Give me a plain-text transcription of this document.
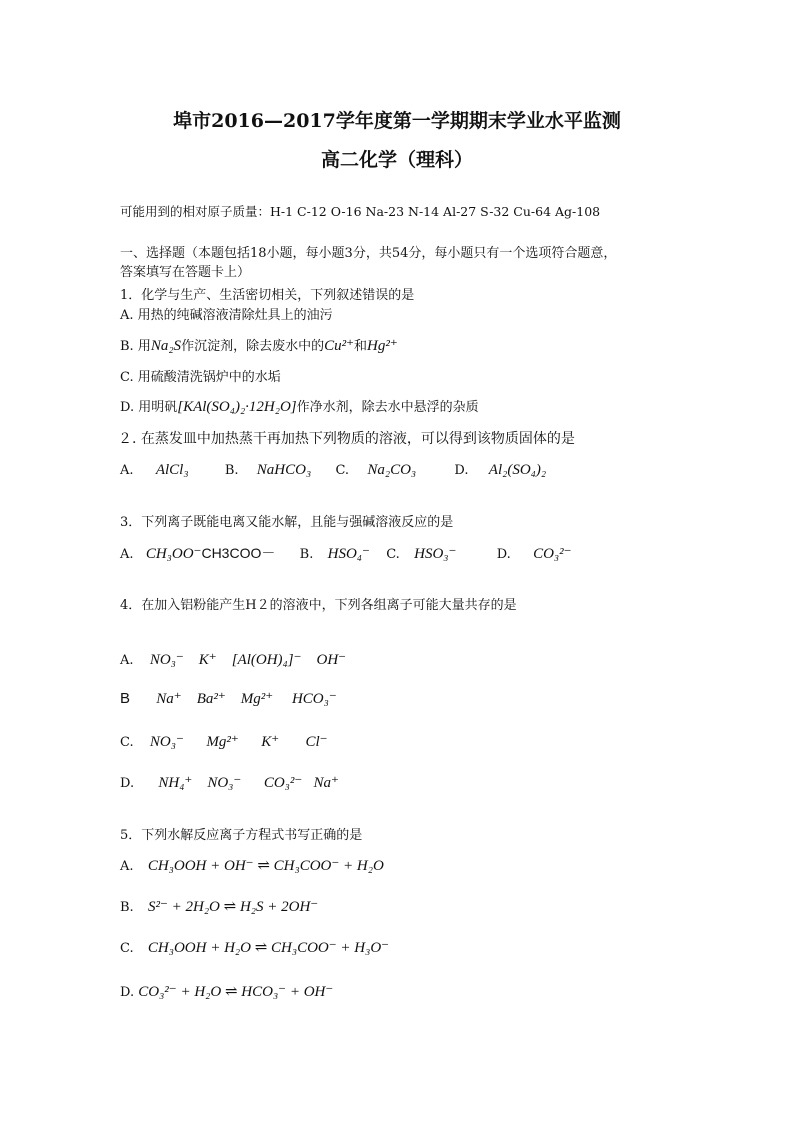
埠市2016—2017学年度第一学期期末学业水平监测
高二化学（理科）
可能用到的相对原子质量：H-1 C-12 O-16 Na-23 N-14 Al-27 S-32 Cu-64 Ag-108
一、选择题（本题包括18小题，每小题3分，共54分，每小题只有一个选项符合题意，
答案填写在答题卡上）
1．化学与生产、生活密切相关，下列叙述错误的是
A. 用热的纯碱溶液清除灶具上的油污
B. 用Na₂S作沉淀剂，除去废水中的Cu²⁺和Hg²⁺
C. 用硫酸清洗锅炉中的水垢
D. 用明矾[KAl(SO₄)₂·12H₂O]作净水剂，除去水中悬浮的杂质
２. 在蒸发皿中加热蒸干再加热下列物质的溶液，可以得到该物质固体的是
A. AlCl₃	B. NaHCO₃ C. Na₂CO₃	D. Al₂(SO₄)₂
3．下列离子既能电离又能水解，且能与强碱溶液反应的是
A. CH₃OO⁻CH3COO－ B. HSO₄⁻ C. HSO₃⁻	D. CO₃²⁻
4．在加入铝粉能产生H２的溶液中，下列各组离子可能大量共存的是
A. NO₃⁻    K⁺    [Al(OH)₄]⁻    OH⁻
B Na⁺    Ba²⁺    Mg²⁺     HCO₃⁻
C. NO₃⁻      Mg²⁺      K⁺       Cl⁻
D. NH₄⁺    NO₃⁻      CO₃²⁻   Na⁺
5．下列水解反应离子方程式书写正确的是
A. CH₃OOH + OH⁻ ⇌ CH₃COO⁻ + H₂O
B. S²⁻ + 2H₂O ⇌ H₂S + 2OH⁻
C. CH₃OOH + H₂O ⇌ CH₃COO⁻ + H₃O⁻
D. CO₃²⁻ + H₂O ⇌ HCO₃⁻ + OH⁻
